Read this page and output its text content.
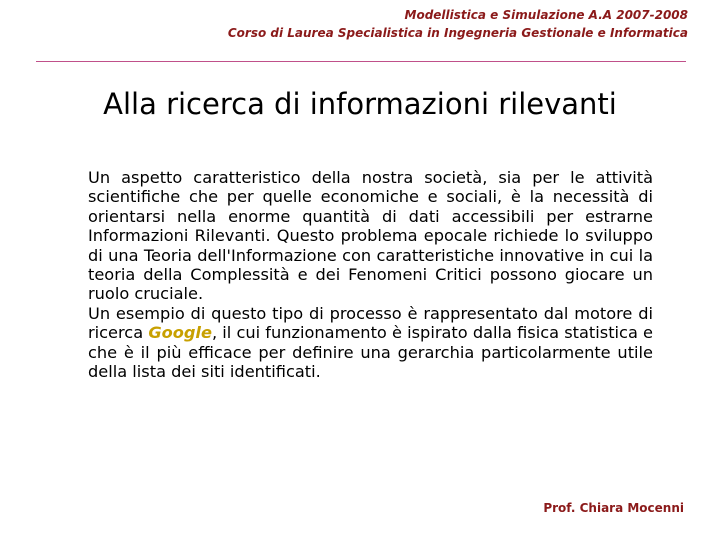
Modellistica e Simulazione A.A 2007-2008
Corso di Laurea Specialistica in Ingegneria Gestionale e Informatica
Alla ricerca di informazioni rilevanti

Un aspetto caratteristico della nostra società, sia per le attività scientifiche che per quelle economiche e sociali, è la necessità di orientarsi nella enorme quantità di dati accessibili per estrarne Informazioni Rilevanti. Questo problema epocale richiede lo sviluppo di una Teoria dell'Informazione con caratteristiche innovative in cui la teoria della Complessità e dei Fenomeni Critici possono giocare un ruolo cruciale.

Un esempio di questo tipo di processo è rappresentato dal motore di ricerca Google, il cui funzionamento è ispirato dalla fisica statistica e che è il più efficace per definire una gerarchia particolarmente utile della lista dei siti identificati.

Prof. Chiara Mocenni
